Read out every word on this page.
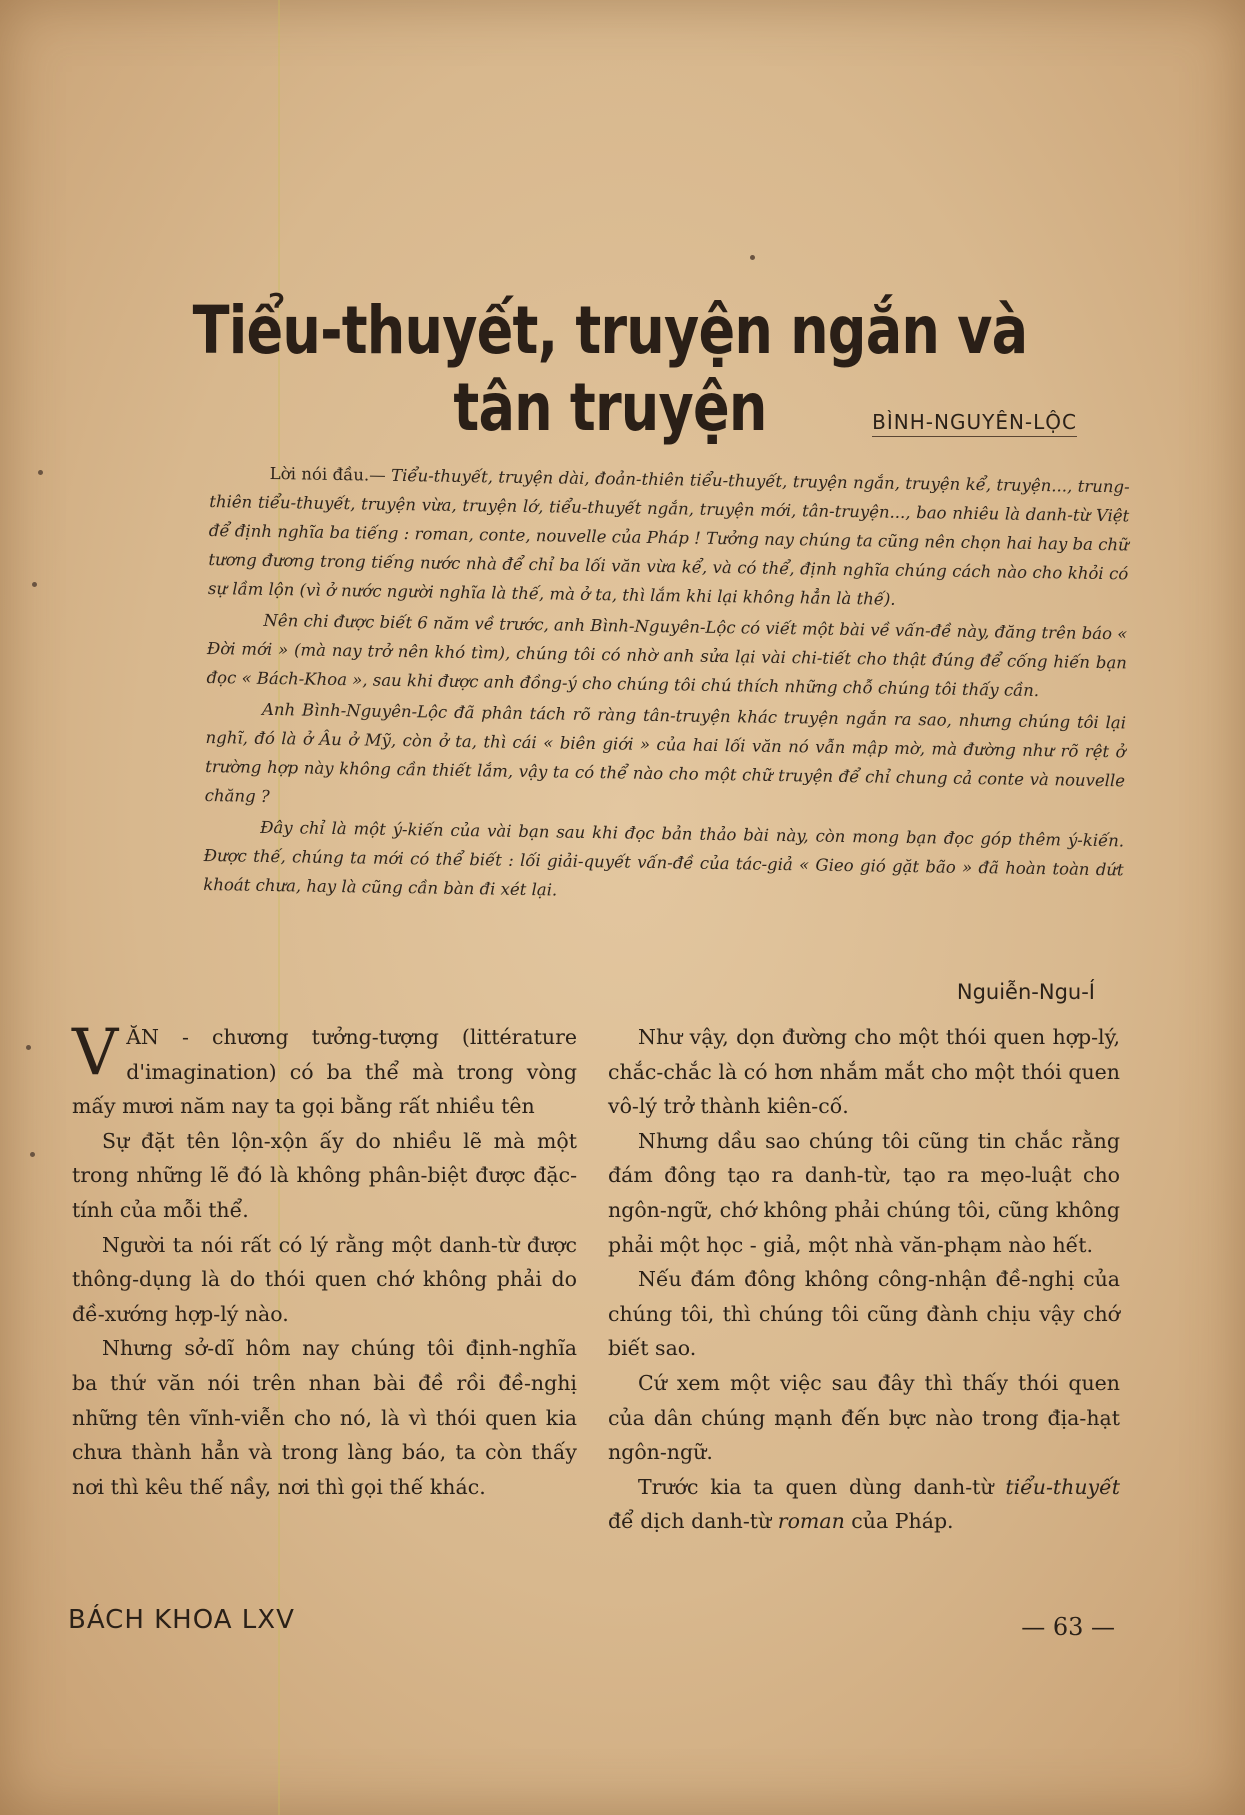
Tiểu-thuyết, truyện ngắn và tân truyện	BÌNH-NGUYÊN-LỘC

Lời nói đầu.— Tiểu-thuyết, truyện dài, đoản-thiên tiểu-thuyết, truyện ngắn, truyện kể, truyện..., trung-thiên tiểu-thuyết, truyện vừa, truyện lớ, tiểu-thuyết ngắn, truyện mới, tân-truyện..., bao nhiêu là danh-từ Việt để định nghĩa ba tiếng : roman, conte, nouvelle của Pháp ! Tưởng nay chúng ta cũng nên chọn hai hay ba chữ tương đương trong tiếng nước nhà để chỉ ba lối văn vừa kể, và có thể, định nghĩa chúng cách nào cho khỏi có sự lầm lộn (vì ở nước người nghĩa là thế, mà ở ta, thì lắm khi lại không hẳn là thế).

Nên chi được biết 6 năm về trước, anh Bình-Nguyên-Lộc có viết một bài về vấn-đề này, đăng trên báo « Đời mới » (mà nay trở nên khó tìm), chúng tôi có nhờ anh sửa lại vài chi-tiết cho thật đúng để cống hiến bạn đọc « Bách-Khoa », sau khi được anh đồng-ý cho chúng tôi chú thích những chỗ chúng tôi thấy cần.

Anh Bình-Nguyên-Lộc đã phân tách rõ ràng tân-truyện khác truyện ngắn ra sao, nhưng chúng tôi lại nghĩ, đó là ở Âu ở Mỹ, còn ở ta, thì cái « biên giới » của hai lối văn nó vẫn mập mờ, mà đường như rõ rệt ở trường hợp này không cần thiết lắm, vậy ta có thể nào cho một chữ truyện để chỉ chung cả conte và nouvelle chăng ?

Đây chỉ là một ý-kiến của vài bạn sau khi đọc bản thảo bài này, còn mong bạn đọc góp thêm ý-kiến. Được thế, chúng ta mới có thể biết : lối giải-quyết vấn-đề của tác-giả « Gieo gió gặt bão » đã hoàn toàn dứt khoát chưa, hay là cũng cần bàn đi xét lại.

Nguiễn-Ngu-Í

VĂN - chương tưởng-tượng (littérature d'imagination) có ba thể mà trong vòng mấy mươi năm nay ta gọi bằng rất nhiều tên

Sự đặt tên lộn-xộn ấy do nhiều lẽ mà một trong những lẽ đó là không phân-biệt được đặc-tính của mỗi thể.

Người ta nói rất có lý rằng một danh-từ được thông-dụng là do thói quen chớ không phải do đề-xướng hợp-lý nào.

Nhưng sở-dĩ hôm nay chúng tôi định-nghĩa ba thứ văn nói trên nhan bài đề rồi đề-nghị những tên vĩnh-viễn cho nó, là vì thói quen kia chưa thành hẳn và trong làng báo, ta còn thấy nơi thì kêu thế nầy, nơi thì gọi thế khác.

Như vậy, dọn đường cho một thói quen hợp-lý, chắc-chắc là có hơn nhắm mắt cho một thói quen vô-lý trở thành kiên-cố.

Nhưng dầu sao chúng tôi cũng tin chắc rằng đám đông tạo ra danh-từ, tạo ra mẹo-luật cho ngôn-ngữ, chớ không phải chúng tôi, cũng không phải một học - giả, một nhà văn-phạm nào hết.

Nếu đám đông không công-nhận đề-nghị của chúng tôi, thì chúng tôi cũng đành chịu vậy chớ biết sao.

Cứ xem một việc sau đây thì thấy thói quen của dân chúng mạnh đến bực nào trong địa-hạt ngôn-ngữ.

Trước kia ta quen dùng danh-từ tiểu-thuyết để dịch danh-từ roman của Pháp.

BÁCH KHOA LXV	— 63 —
